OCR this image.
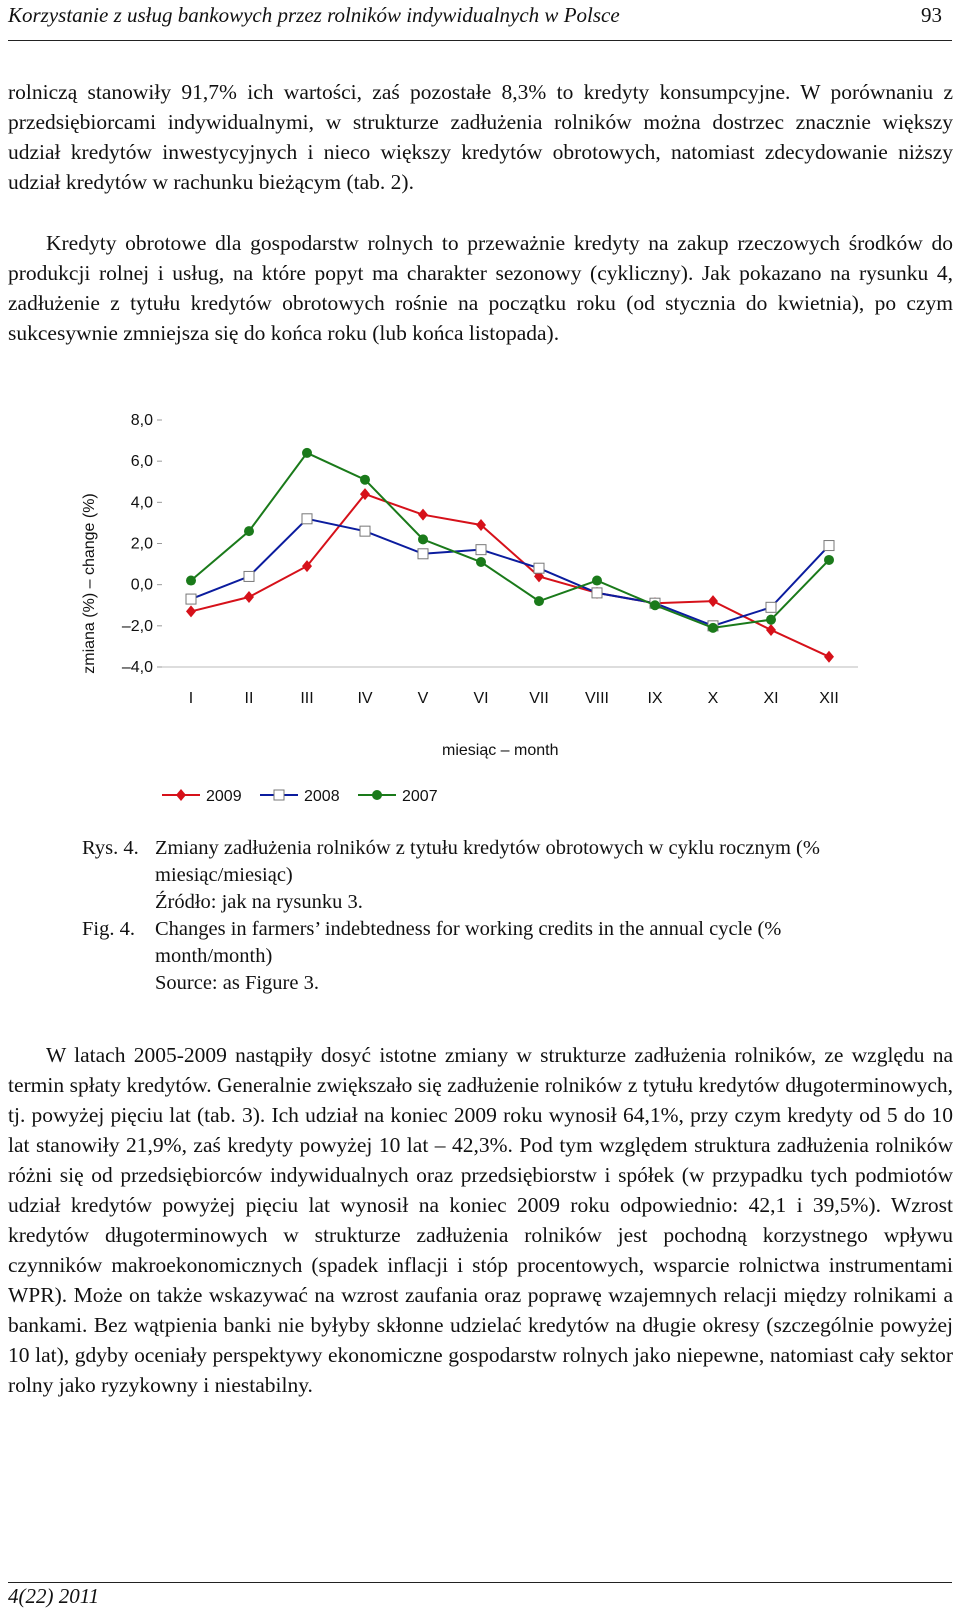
Korzystanie z usług bankowych przez rolników indywidualnych w Polsce	93

rolniczą stanowiły 91,7% ich wartości, zaś pozostałe 8,3% to kredyty konsumpcyjne. W porównaniu z przedsiębiorcami indywidualnymi, w strukturze zadłużenia rolników można dostrzec znacznie większy udział kredytów inwestycyjnych i nieco większy kredytów obrotowych, natomiast zdecydowanie niższy udział kredytów w rachunku bieżącym (tab. 2).

Kredyty obrotowe dla gospodarstw rolnych to przeważnie kredyty na zakup rzeczowych środków do produkcji rolnej i usług, na które popyt ma charakter sezonowy (cykliczny). Jak pokazano na rysunku 4, zadłużenie z tytułu kredytów obrotowych rośnie na początku roku (od stycznia do kwietnia), po czym sukcesywnie zmniejsza się do końca roku (lub końca listopada).

8,0
6,0
4,0
2,0
0,0
–2,0
–4,0
I	II	III	IV	V	VI	VII VIII IX	X	XI	XII
miesiąc – month
zmiana (%) – change (%)
2009	2008	2007
Rys. 4. Zmiany zadłużenia rolników z tytułu kredytów obrotowych w cyklu rocznym (% miesiąc/miesiąc)
Źródło: jak na rysunku 3.
Fig. 4. Changes in farmers’ indebtedness for working credits in the annual cycle (% month/month)
Source: as Figure 3.

W latach 2005-2009 nastąpiły dosyć istotne zmiany w strukturze zadłużenia rolników, ze względu na termin spłaty kredytów. Generalnie zwiększało się zadłużenie rolników z tytułu kredytów długoterminowych, tj. powyżej pięciu lat (tab. 3). Ich udział na koniec 2009 roku wynosił 64,1%, przy czym kredyty od 5 do 10 lat stanowiły 21,9%, zaś kredyty powyżej 10 lat – 42,3%. Pod tym względem struktura zadłużenia rolników różni się od przedsiębiorców indywidualnych oraz przedsiębiorstw i spółek (w przypadku tych podmiotów udział kredytów powyżej pięciu lat wynosił na koniec 2009 roku odpowiednio: 42,1 i 39,5%). Wzrost kredytów długoterminowych w strukturze zadłużenia rolników jest pochodną korzystnego wpływu czynników makroekonomicznych (spadek inflacji i stóp procentowych, wsparcie rolnictwa instrumentami WPR). Może on także wskazywać na wzrost zaufania oraz poprawę wzajemnych relacji między rolnikami a bankami. Bez wątpienia banki nie byłyby skłonne udzielać kredytów na długie okresy (szczególnie powyżej 10 lat), gdyby oceniały perspektywy ekonomiczne gospodarstw rolnych jako niepewne, natomiast cały sektor rolny jako ryzykowny i niestabilny.

4(22) 2011
